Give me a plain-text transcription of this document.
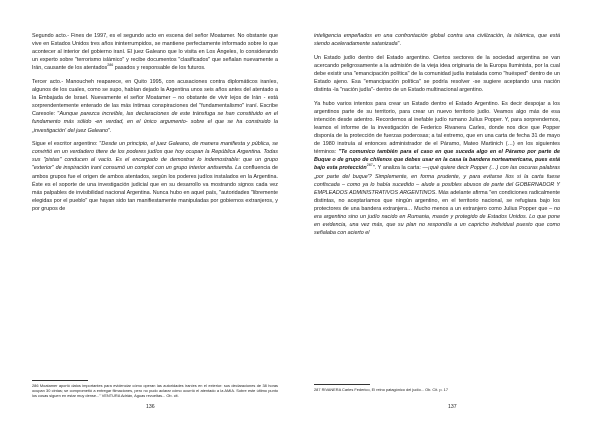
Segundo acto.- Fines de 1997, es el segundo acto en escena del señor Moatamer. No obstante que vive en Estados Unidos tres años ininterrumpidos, se mantiene perfectamente informado sobre lo que acontecer al interior del gobierno iraní. El juez Galeano que lo visita en Los Ángeles, lo considerando un experto sobre "terrorismo islámico" y recibe documentos "clasificados" que señalan nuevamente a Irán, causante de los atentados$^{286}$ pasados y responsable de los futuros.

Tercer acto.- Manoucheh reaparece, en Quito 1995, con acusaciones contra diplomáticos iraníes, algunos de los cuales, como se supo, habían dejado la Argentina unos seis años antes del atentado a la Embajada de Israel. Nuevamente el señor Moatamer – no obstante de vivir lejos de Irán - está sorprendentemente enterado de las más íntimas conspiraciones del "fundamentalismo" iraní. Escribe Caresole: "Aunque parezca increíble, las declaraciones de este tránsfuga se han constituido en el fundamento más sólido -en verdad, en el único argumento- sobre el que se ha construido la „investigación' del juez Galeano".

Sigue el escritor argentino: "Desde un principio, el juez Galeano, de manera manifiesta y pública, se convirtió en un verdadero titere de los poderes judíos que hoy ocupan la República Argentina. Todas sus "pistas" conducen al vacío. Es el encargado de demostrar lo indemostrable: que un grupo "exterior" de inspiración iraní consumó un complot con un grupo interior antisemita. La confluencia de ambos grupos fue el origen de ambos atentados, según los poderes judíos instalados en la Argentina. Éste es el soporte de una investigación judicial que en su desarrollo va mostrando signos cada vez más palpables de invisibilidad nacional Argentina. Nunca hubo en aquel país, "autoridades "libremente elegidas por el pueblo" que hayan sido tan manifiestamente manipuladas por gobiernos extranjeros, y por grupos de

286 Moatamer aportó datos importantes para evidenciar cómo operan las autoridades iraníes en el exterior: sus declaraciones de 38 horas ocupan 30 cintas; se comprometió a entregar filmaciones, pero no pudo aclarar cómo ocurrió el atentado a la AMIA. Sobre este último punto los cosas siguen en estar muy dense..." VENTURA Adrián, Aguas revueltas... Ob. cit.
136

inteligencia empeñados en una confrontación global contra una civilización, la islámica, que está siendo aceleradamente satanizada".

Un Estado judío dentro del Estado argentino. Ciertos sectores de la sociedad argentina se van acercando peligrosamente a la admisión de la vieja idea originaria de la Europa Iluminista, por la cual debe existir una "emancipación política" de la comunidad judía instalada como "huésped" dentro de un Estado ajeno. Esa "emancipación política" se podría resolver -se sugiere aceptando una nación distinta -la "nación judía"- dentro de un Estado multinacional argentino.

Ya hubo varios intentos para crear un Estado dentro el Estado Argentino. Es decir despojar a los argentinos parte de su territorio, para crear un nuevo territorio judío. Veamos algo más de esa intención desde adentro. Recordemos al inefable judío rumano Julius Popper. Y, para sorprendernos, leamos el informe de la investigación de Federico Rivanera Carles, donde nos dice que Popper disponía de la protección de fuerzas poderosas; a tal extremo, que en una carta de fecha 31 de mayo de 1980 instruía al entonces administrador de el Páramo, Mateo Martinich (…) en los siguientes términos: "Te comunico también para el caso en que suceda algo en el Páramo por parte de Buque o de grupo de chilenos que debes usar en la casa la bandera norteamericana, pues está bajo esta protección$^{287}$". Y analiza la carta: ―¡qué quiere decir Popper (…) con las oscuras palabras „por parte del buque'? Simplemente, en forma prudente, y para evitarse líos si la carta fuese confiscada – como ya lo había sucedido – alude a posibles abusos de parte del GOBERNADOR Y EMPLEADOS ADMINISTRATIVOS ARGENTINOS. Más adelante afirma "en condiciones radicalmente distintas, no aceptaríamos que ningún argentino, en el territorio nacional, se refugiara bajo los protectores de una bandera extranjera… Mucho menos a un extranjero como Julius Popper que – no era argentino sino un judío nacido en Rumania, masón y protegido de Estados Unidos. Lo que pone en evidencia, una vez más, que su plan no respondía a un capricho individual puesto que como señalaba con acierto el

287 RIVANERA Carles Federico, El reino patagónico del judío... Ob. Cit. p. 17
137
